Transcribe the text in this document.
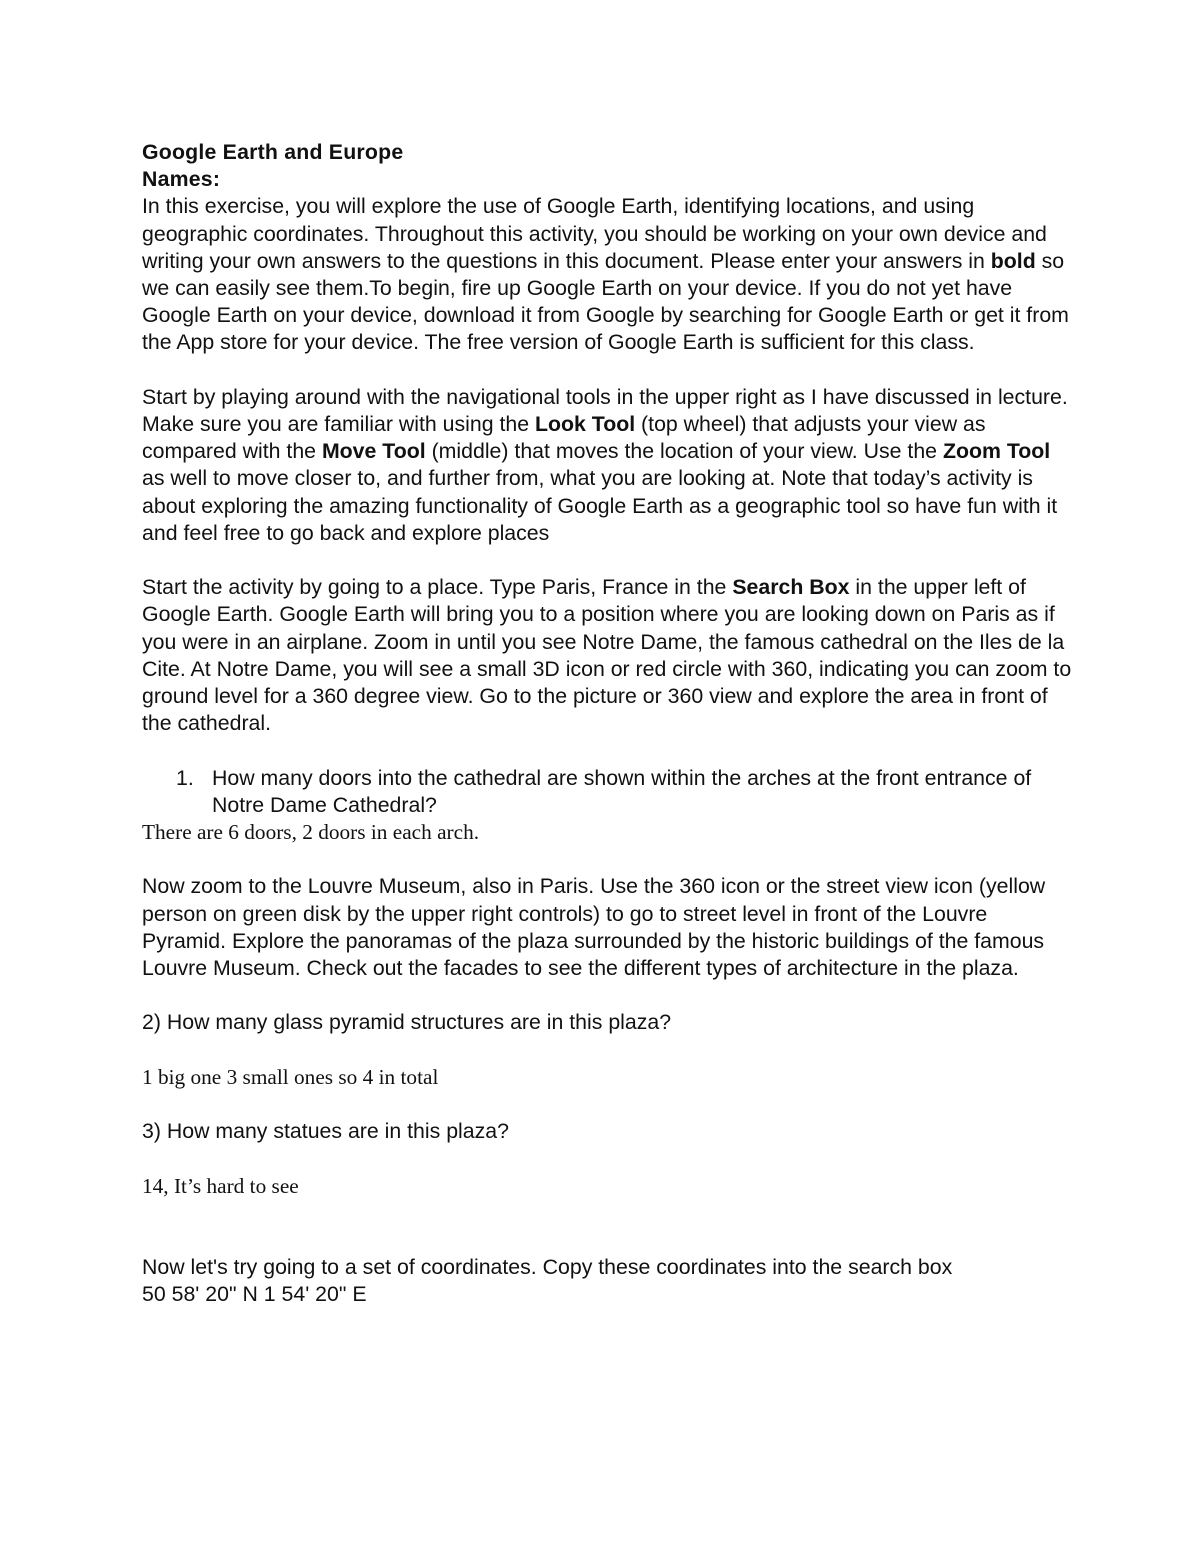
Google Earth and Europe

Names:

In this exercise, you will explore the use of Google Earth, identifying locations, and using geographic coordinates. Throughout this activity, you should be working on your own device and writing your own answers to the questions in this document. Please enter your answers in bold so we can easily see them.To begin, fire up Google Earth on your device. If you do not yet have Google Earth on your device, download it from Google by searching for Google Earth or get it from the App store for your device. The free version of Google Earth is sufficient for this class.

Start by playing around with the navigational tools in the upper right as I have discussed in lecture. Make sure you are familiar with using the Look Tool (top wheel) that adjusts your view as compared with the Move Tool (middle) that moves the location of your view. Use the Zoom Tool as well to move closer to, and further from, what you are looking at. Note that today’s activity is about exploring the amazing functionality of Google Earth as a geographic tool so have fun with it and feel free to go back and explore places

Start the activity by going to a place. Type Paris, France in the Search Box in the upper left of Google Earth. Google Earth will bring you to a position where you are looking down on Paris as if you were in an airplane. Zoom in until you see Notre Dame, the famous cathedral on the Iles de la Cite. At Notre Dame, you will see a small 3D icon or red circle with 360, indicating you can zoom to ground level for a 360 degree view. Go to the picture or 360 view and explore the area in front of the cathedral.

1. How many doors into the cathedral are shown within the arches at the front entrance of Notre Dame Cathedral?

There are 6 doors, 2 doors in each arch.

Now zoom to the Louvre Museum, also in Paris. Use the 360 icon or the street view icon (yellow person on green disk by the upper right controls) to go to street level in front of the Louvre Pyramid. Explore the panoramas of the plaza surrounded by the historic buildings of the famous Louvre Museum. Check out the facades to see the different types of architecture in the plaza.

2) How many glass pyramid structures are in this plaza?

1 big one 3 small ones so 4 in total

3) How many statues are in this plaza?

14, It’s hard to see

Now let's try going to a set of coordinates. Copy these coordinates into the search box

50 58' 20" N 1 54' 20" E
